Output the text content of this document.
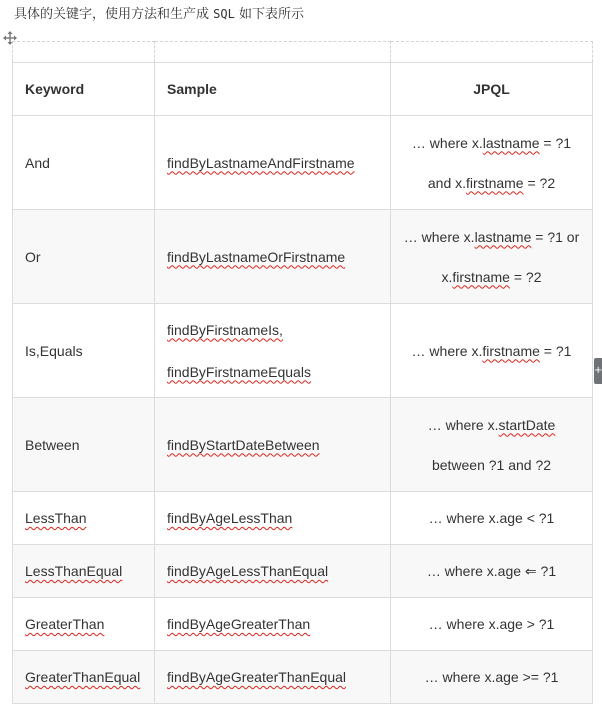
具体的关键字，使用方法和生产成 SQL 如下表所示
+

Keyword	Sample	JPQL
And	findByLastnameAndFirstname	… where x.lastname = ?1
and x.firstname = ?2

Or	findByLastnameOrFirstname	… where x.lastname = ?1 or
x.firstname = ?2

Is,Equals	findByFirstnameIs,
findByFirstnameEquals	… where x.firstname = ?1

Between	findByStartDateBetween	… where x.startDate
between ?1 and ?2

LessThan	findByAgeLessThan	… where x.age < ?1

LessThanEqual	findByAgeLessThanEqual	… where x.age ⇐ ?1

GreaterThan	findByAgeGreaterThan	… where x.age > ?1

GreaterThanEqual	findByAgeGreaterThanEqual	… where x.age >= ?1
